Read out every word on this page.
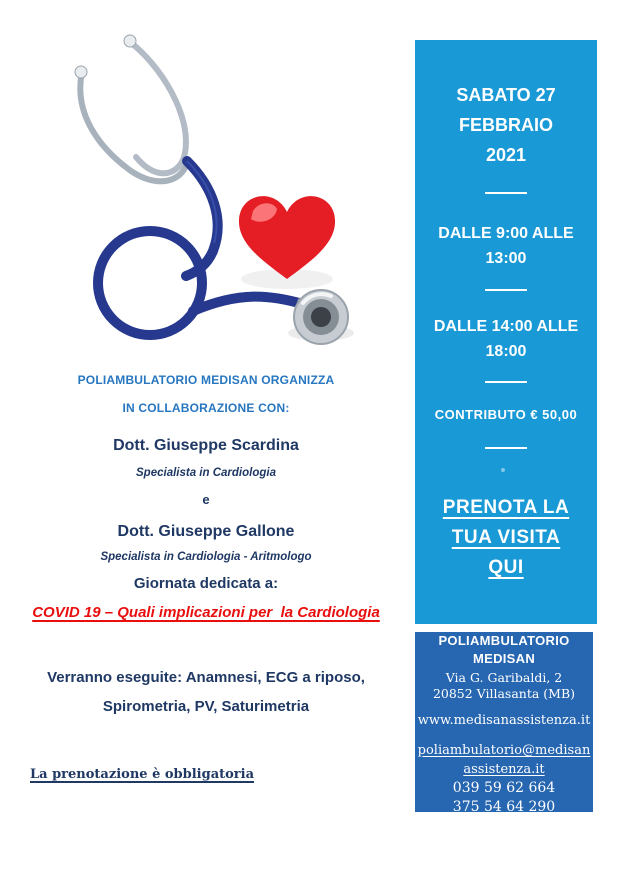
POLIAMBULATORIO MEDISAN ORGANIZZA
IN COLLABORAZIONE CON:
Dott. Giuseppe Scardina
Specialista in Cardiologia
e
Dott. Giuseppe Gallone
Specialista in Cardiologia - Aritmologo
Giornata dedicata a:
COVID 19 – Quali implicazioni per  la Cardiologia
Verranno eseguite: Anamnesi, ECG a riposo,
Spirometria, PV, Saturimetria
La prenotazione è obbligatoria
SABATO 27
FEBBRAIO
2021
DALLE 9:00 ALLE
13:00
DALLE 14:00 ALLE
18:00
CONTRIBUTO € 50,00
PRENOTA LA
TUA VISITA
QUI
POLIAMBULATORIO
MEDISAN
Via G. Garibaldi, 2
20852 Villasanta (MB)
www.medisanassistenza.it
poliambulatorio@medisan
assistenza.it
039 59 62 664
375 54 64 290
